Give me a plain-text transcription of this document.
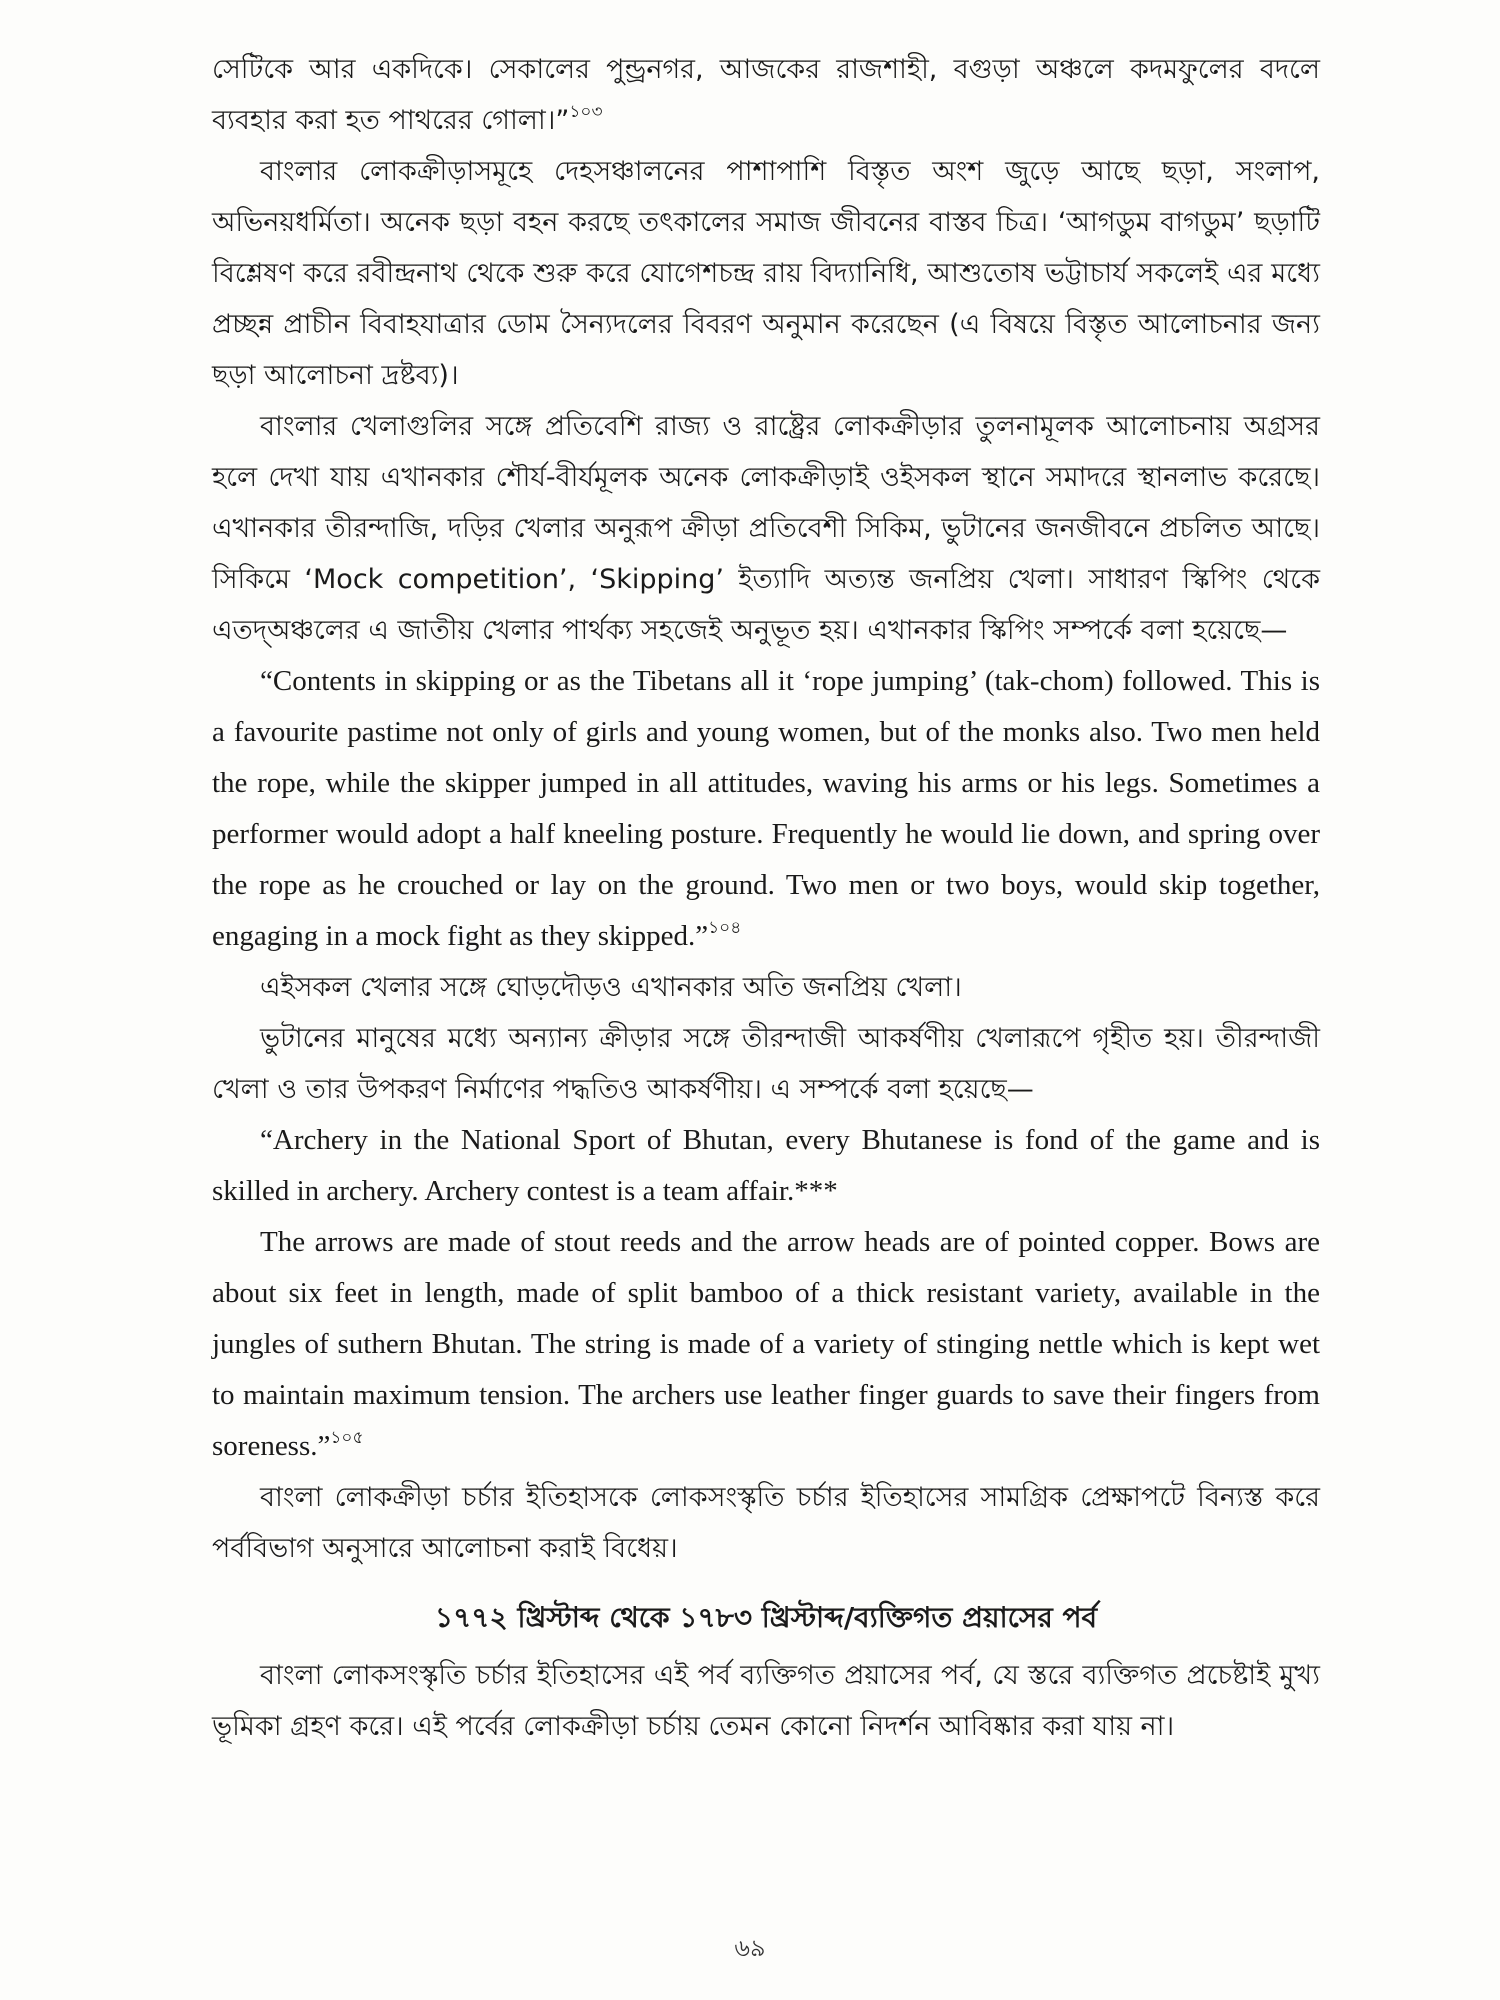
সেটিকে আর একদিকে। সেকালের পুন্ড্রনগর, আজকের রাজশাহী, বগুড়া অঞ্চলে কদমফুলের বদলে ব্যবহার করা হত পাথরের গোলা।”$^{১০৩}$

বাংলার লোকক্রীড়াসমূহে দেহসঞ্চালনের পাশাপাশি বিস্তৃত অংশ জুড়ে আছে ছড়া, সংলাপ, অভিনয়ধর্মিতা। অনেক ছড়া বহন করছে তৎকালের সমাজ জীবনের বাস্তব চিত্র। ‘আগডুম বাগডুম’ ছড়াটি বিশ্লেষণ করে রবীন্দ্রনাথ থেকে শুরু করে যোগেশচন্দ্র রায় বিদ্যানিধি, আশুতোষ ভট্টাচার্য সকলেই এর মধ্যে প্রচ্ছন্ন প্রাচীন বিবাহযাত্রার ডোম সৈন্যদলের বিবরণ অনুমান করেছেন (এ বিষয়ে বিস্তৃত আলোচনার জন্য ছড়া আলোচনা দ্রষ্টব্য)।

বাংলার খেলাগুলির সঙ্গে প্রতিবেশি রাজ্য ও রাষ্ট্রের লোকক্রীড়ার তুলনামূলক আলোচনায় অগ্রসর হলে দেখা যায় এখানকার শৌর্য-বীর্যমূলক অনেক লোকক্রীড়াই ওইসকল স্থানে সমাদরে স্থানলাভ করেছে। এখানকার তীরন্দাজি, দড়ির খেলার অনুরূপ ক্রীড়া প্রতিবেশী সিকিম, ভুটানের জনজীবনে প্রচলিত আছে। সিকিমে ‘Mock competition’, ‘Skipping’ ইত্যাদি অত্যন্ত জনপ্রিয় খেলা। সাধারণ স্কিপিং থেকে এতদ্অঞ্চলের এ জাতীয় খেলার পার্থক্য সহজেই অনুভূত হয়। এখানকার স্কিপিং সম্পর্কে বলা হয়েছে—

“Contents in skipping or as the Tibetans all it ‘rope jumping’ (tak-chom) followed. This is a favourite pastime not only of girls and young women, but of the monks also. Two men held the rope, while the skipper jumped in all attitudes, waving his arms or his legs. Sometimes a performer would adopt a half kneeling posture. Frequently he would lie down, and spring over the rope as he crouched or lay on the ground. Two men or two boys, would skip together, engaging in a mock fight as they skipped.”$^{১০৪}$

এইসকল খেলার সঙ্গে ঘোড়দৌড়ও এখানকার অতি জনপ্রিয় খেলা।

ভুটানের মানুষের মধ্যে অন্যান্য ক্রীড়ার সঙ্গে তীরন্দাজী আকর্ষণীয় খেলারূপে গৃহীত হয়। তীরন্দাজী খেলা ও তার উপকরণ নির্মাণের পদ্ধতিও আকর্ষণীয়। এ সম্পর্কে বলা হয়েছে—

“Archery in the National Sport of Bhutan, every Bhutanese is fond of the game and is skilled in archery. Archery contest is a team affair.***

The arrows are made of stout reeds and the arrow heads are of pointed copper. Bows are about six feet in length, made of split bamboo of a thick resistant variety, available in the jungles of suthern Bhutan. The string is made of a variety of stinging nettle which is kept wet to maintain maximum tension. The archers use leather finger guards to save their fingers from soreness.”$^{১০৫}$

বাংলা লোকক্রীড়া চর্চার ইতিহাসকে লোকসংস্কৃতি চর্চার ইতিহাসের সামগ্রিক প্রেক্ষাপটে বিন্যস্ত করে পর্ববিভাগ অনুসারে আলোচনা করাই বিধেয়।

১৭৭২ খ্রিস্টাব্দ থেকে ১৭৮৩ খ্রিস্টাব্দ/ব্যক্তিগত প্রয়াসের পর্ব

বাংলা লোকসংস্কৃতি চর্চার ইতিহাসের এই পর্ব ব্যক্তিগত প্রয়াসের পর্ব, যে স্তরে ব্যক্তিগত প্রচেষ্টাই মুখ্য ভূমিকা গ্রহণ করে। এই পর্বের লোকক্রীড়া চর্চায় তেমন কোনো নিদর্শন আবিষ্কার করা যায় না।

৬৯
